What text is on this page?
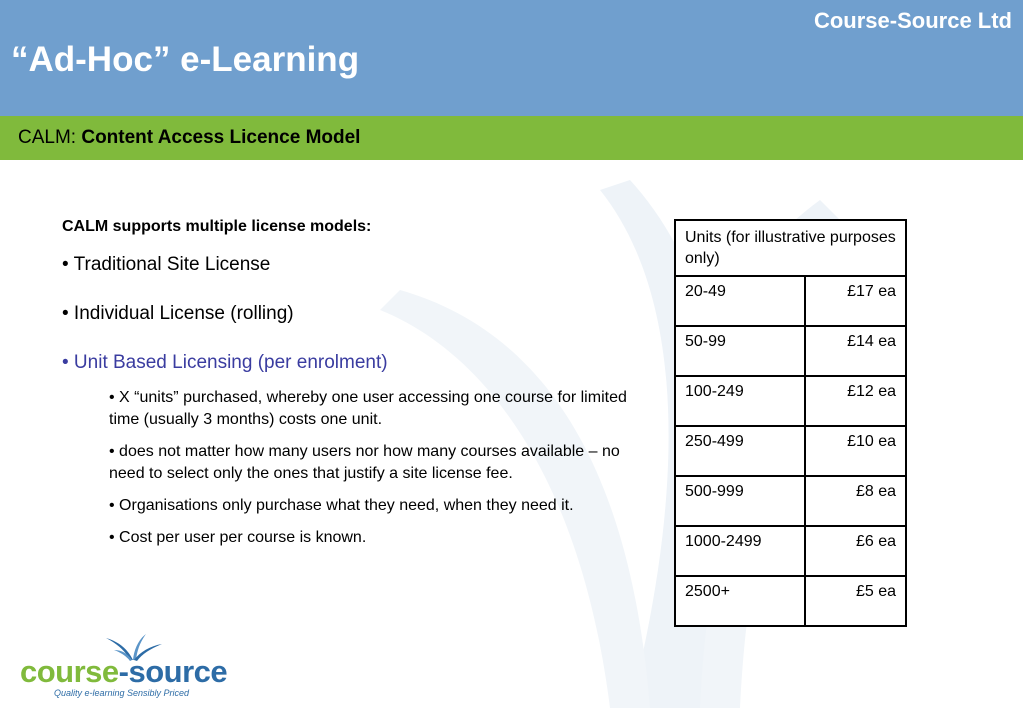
Course-Source Ltd
“Ad-Hoc” e-Learning
CALM: Content Access Licence Model
CALM supports multiple license models:
• Traditional Site License
• Individual License (rolling)
• Unit Based Licensing (per enrolment)
• X “units” purchased, whereby one user accessing one course for limited time (usually 3 months) costs one unit.
• does not matter how many users nor how many courses available – no need to select only the ones that justify a site license fee.
• Organisations only purchase what they need, when they need it.
• Cost per user per course is known.
Units (for illustrative purposes only)	
20-49	£17 ea
50-99	£14 ea
100-249	£12 ea
250-499	£10 ea
500-999	£8 ea
1000-2499	£6 ea
2500+	£5 ea
course-source
Quality e-learning Sensibly Priced
